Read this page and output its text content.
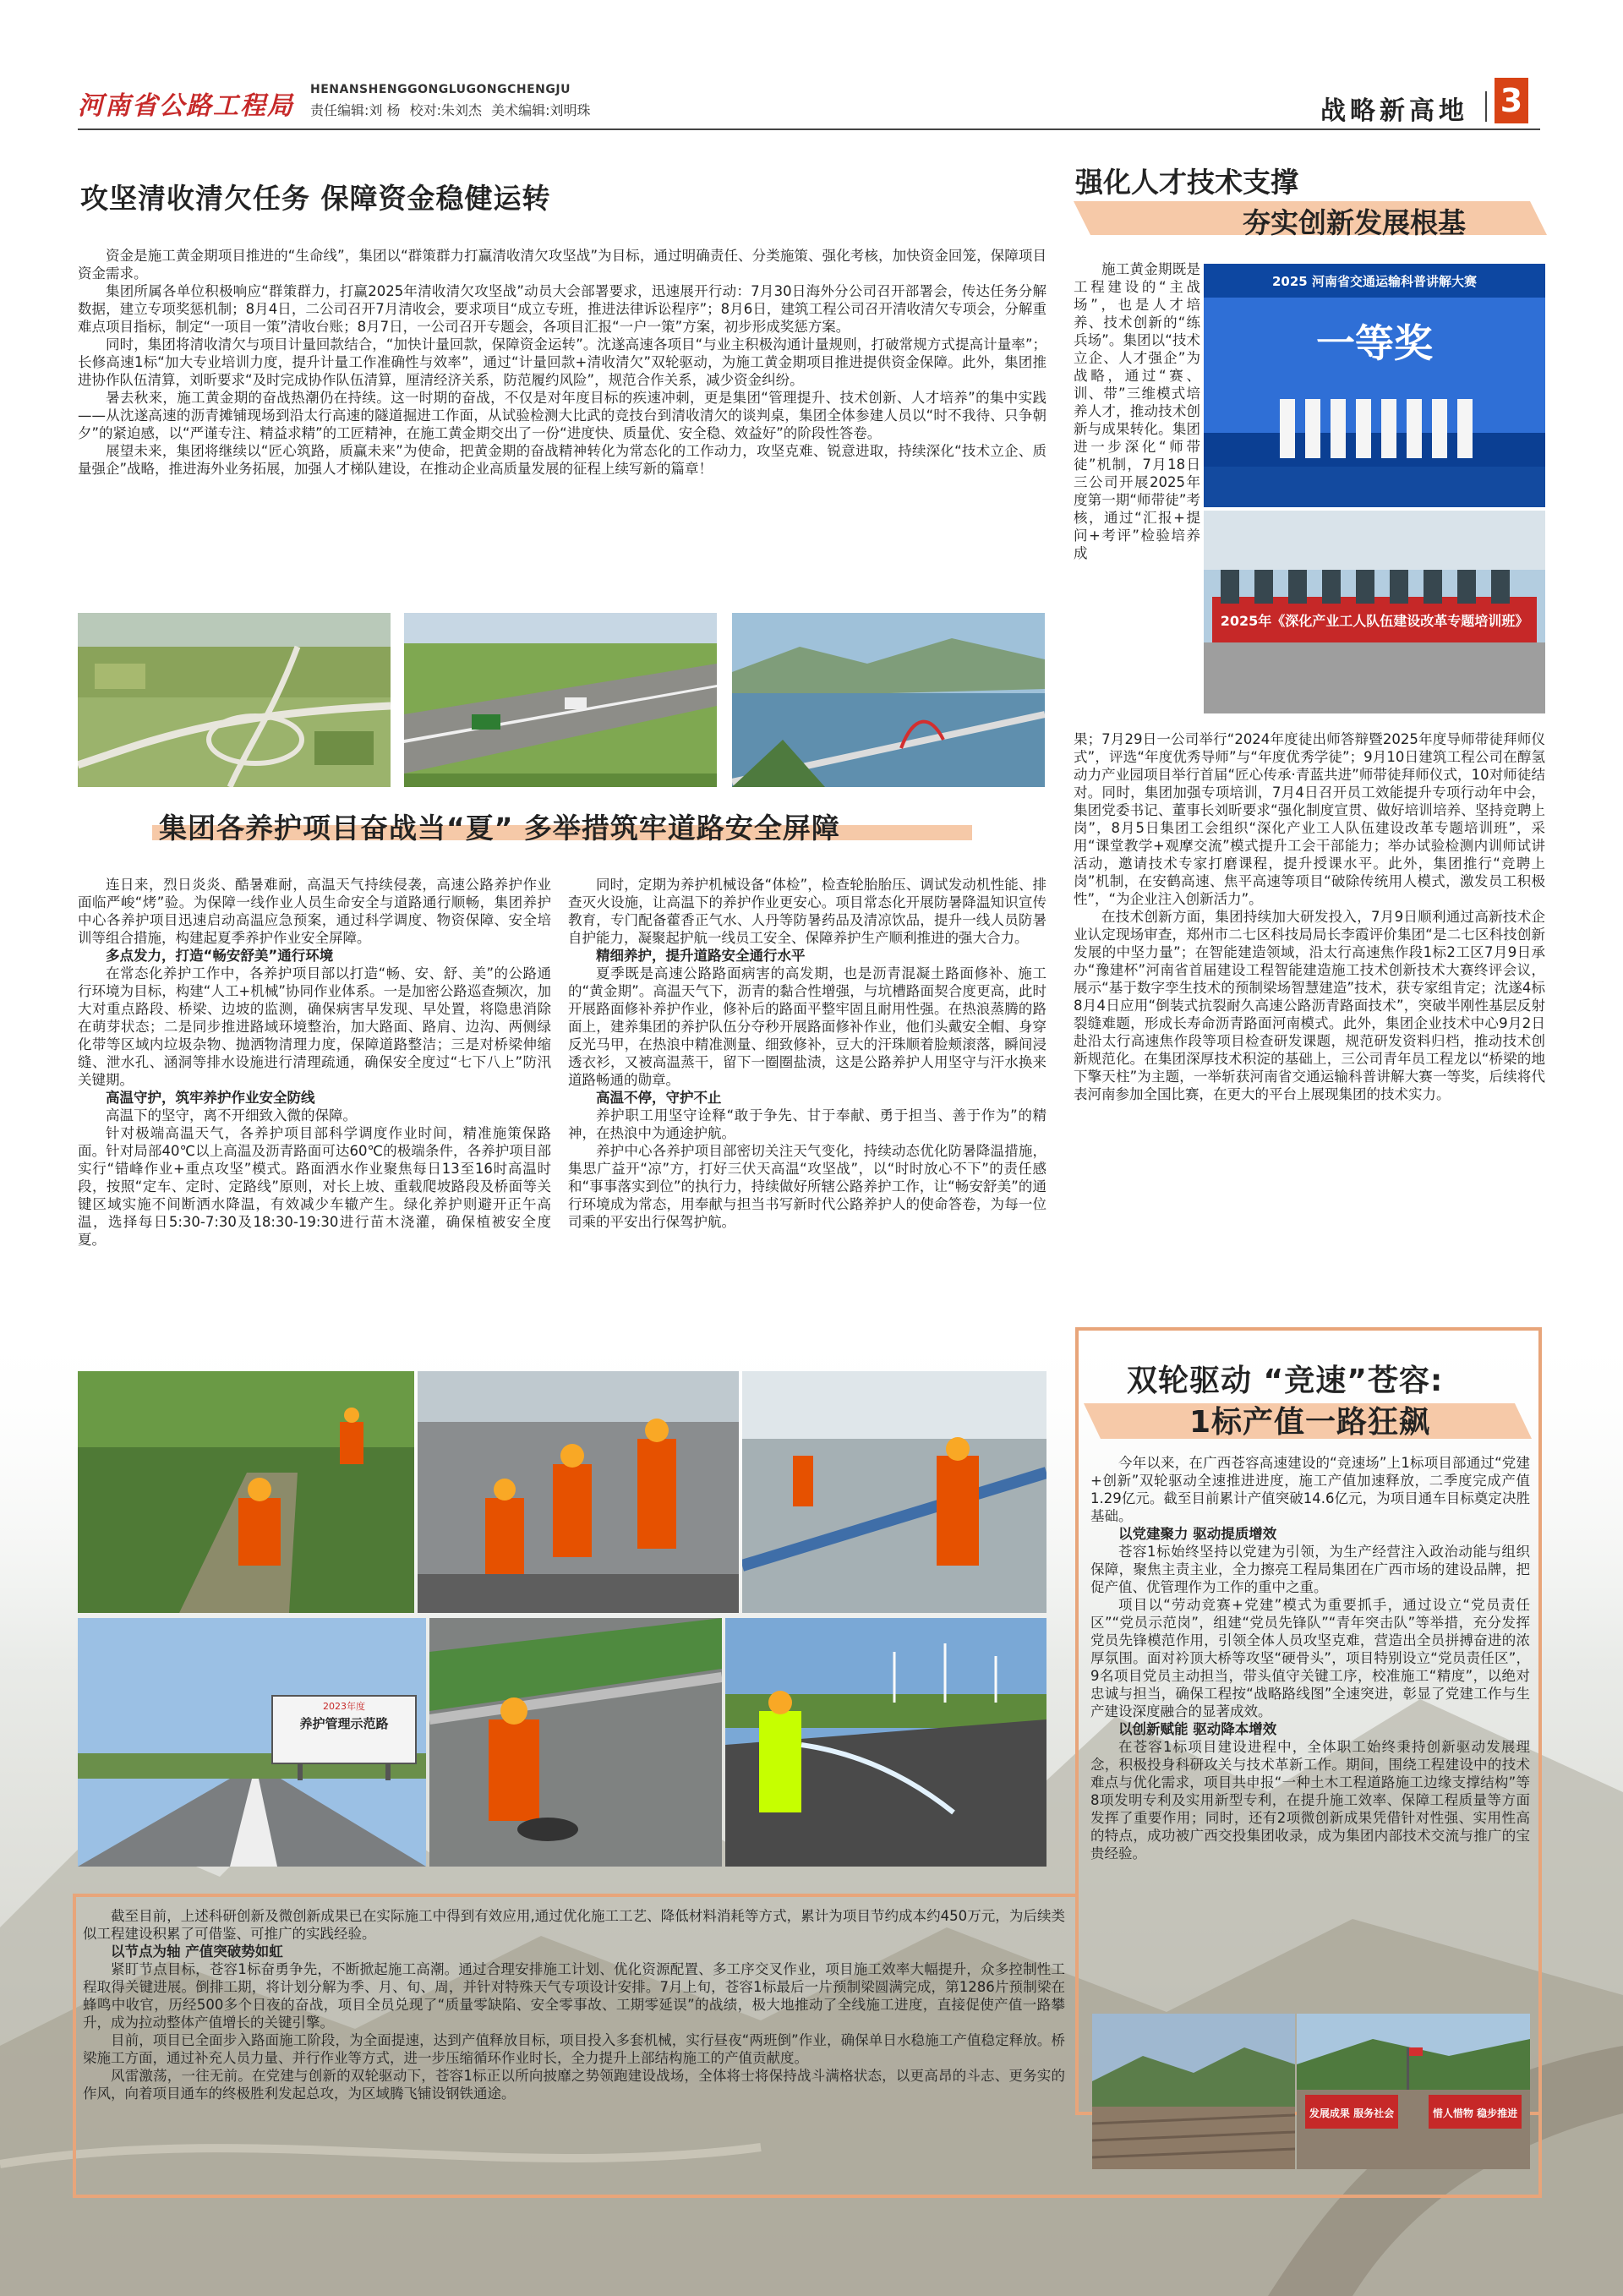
河南省公路工程局
HENANSHENGGONGLUGONGCHENGJU
责任编辑:刘 杨 校对:朱刘杰 美术编辑:刘明珠	战略新高地 3
攻坚清收清欠任务 保障资金稳健运转

资金是施工黄金期项目推进的“生命线”，集团以“群策群力打赢清收清欠攻坚战”为目标，通过明确责任、分类施策、强化考核，加快资金回笼，保障项目资金需求。

集团所属各单位积极响应“群策群力，打赢2025年清收清欠攻坚战”动员大会部署要求，迅速展开行动：7月30日海外分公司召开部署会，传达任务分解数据，建立专项奖惩机制；8月4日，二公司召开7月清收会，要求项目“成立专班，推进法律诉讼程序”；8月6日，建筑工程公司召开清收清欠专项会，分解重难点项目指标，制定“一项目一策”清收台账；8月7日，一公司召开专题会，各项目汇报“一户一策”方案，初步形成奖惩方案。

同时，集团将清收清欠与项目计量回款结合，“加快计量回款，保障资金运转”。沈遂高速各项目“与业主积极沟通计量规则，打破常规方式提高计量率”；长修高速1标“加大专业培训力度，提升计量工作准确性与效率”，通过“计量回款+清收清欠”双轮驱动，为施工黄金期项目推进提供资金保障。此外，集团推进协作队伍清算，刘昕要求“及时完成协作队伍清算，厘清经济关系，防范履约风险”，规范合作关系，减少资金纠纷。

暑去秋来，施工黄金期的奋战热潮仍在持续。这一时期的奋战，不仅是对年度目标的疾速冲刺，更是集团“管理提升、技术创新、人才培养”的集中实践——从沈遂高速的沥青摊铺现场到沿太行高速的隧道掘进工作面，从试验检测大比武的竞技台到清收清欠的谈判桌，集团全体参建人员以“时不我待、只争朝夕”的紧迫感，以“严谨专注、精益求精”的工匠精神，在施工黄金期交出了一份“进度快、质量优、安全稳、效益好”的阶段性答卷。

展望未来，集团将继续以“匠心筑路，质赢未来”为使命，把黄金期的奋战精神转化为常态化的工作动力，攻坚克难、锐意进取，持续深化“技术立企、质量强企”战略，推进海外业务拓展，加强人才梯队建设，在推动企业高质量发展的征程上续写新的篇章！

集团各养护项目奋战当“夏” 多举措筑牢道路安全屏障

连日来，烈日炎炎、酷暑难耐，高温天气持续侵袭，高速公路养护作业面临严峻“烤”验。为保障一线作业人员生命安全与道路通行顺畅，集团养护中心各养护项目迅速启动高温应急预案，通过科学调度、物资保障、安全培训等组合措施，构建起夏季养护作业安全屏障。

多点发力，打造“畅安舒美”通行环境

在常态化养护工作中，各养护项目部以打造“畅、安、舒、美”的公路通行环境为目标，构建“人工+机械”协同作业体系。一是加密公路巡查频次，加大对重点路段、桥梁、边坡的监测，确保病害早发现、早处置，将隐患消除在萌芽状态；二是同步推进路域环境整治，加大路面、路肩、边沟、两侧绿化带等区域内垃圾杂物、抛洒物清理力度，保障道路整洁；三是对桥梁伸缩缝、泄水孔、涵洞等排水设施进行清理疏通，确保安全度过“七下八上”防汛关键期。

高温守护，筑牢养护作业安全防线

高温下的坚守，离不开细致入微的保障。

针对极端高温天气，各养护项目部科学调度作业时间，精准施策保路面。针对局部40℃以上高温及沥青路面可达60℃的极端条件，各养护项目部实行“错峰作业+重点攻坚”模式。路面洒水作业聚焦每日13至16时高温时段，按照“定车、定时、定路线”原则，对长上坡、重载爬坡路段及桥面等关键区域实施不间断洒水降温，有效减少车辙产生。绿化养护则避开正午高温，选择每日5:30-7:30及18:30-19:30进行苗木浇灌，确保植被安全度夏。

同时，定期为养护机械设备“体检”，检查轮胎胎压、调试发动机性能、排查灭火设施，让高温下的养护作业更安心。项目常态化开展防暑降温知识宣传教育，专门配备藿香正气水、人丹等防暑药品及清凉饮品，提升一线人员防暑自护能力，凝聚起护航一线员工安全、保障养护生产顺利推进的强大合力。

精细养护，提升道路安全通行水平

夏季既是高速公路路面病害的高发期，也是沥青混凝土路面修补、施工的“黄金期”。高温天气下，沥青的黏合性增强，与坑槽路面契合度更高，此时开展路面修补养护作业，修补后的路面平整牢固且耐用性强。在热浪蒸腾的路面上，建养集团的养护队伍分夺秒开展路面修补作业，他们头戴安全帽、身穿反光马甲，在热浪中精准测量、细致修补，豆大的汗珠顺着脸颊滚落，瞬间浸透衣衫，又被高温蒸干，留下一圈圈盐渍，这是公路养护人用坚守与汗水换来道路畅通的勋章。

高温不停，守护不止

养护职工用坚守诠释“敢于争先、甘于奉献、勇于担当、善于作为”的精神，在热浪中为通途护航。

养护中心各养护项目部密切关注天气变化，持续动态优化防暑降温措施，集思广益开“凉”方，打好三伏天高温“攻坚战”，以“时时放心不下”的责任感和“事事落实到位”的执行力，持续做好所辖公路养护工作，让“畅安舒美”的通行环境成为常态，用奉献与担当书写新时代公路养护人的使命答卷，为每一位司乘的平安出行保驾护航。

2023年度
养护管理示范路
强化人才技术支撑
夯实创新发展根基

施工黄金期既是工程建设的“主战场”，也是人才培养、技术创新的“练兵场”。集团以“技术立企、人才强企”为战略，通过“赛、训、带”三维模式培养人才，推动技术创新与成果转化。集团进一步深化“师带徒”机制，7月18日三公司开展2025年度第一期“师带徒”考核，通过“汇报+提问+考评”检验培养成

2025 河南省交通运输科普讲解大赛
一等奖
2025年《深化产业工人队伍建设改革专题培训班》

果；7月29日一公司举行“2024年度徒出师答辩暨2025年度导师带徒拜师仪式”，评选“年度优秀导师”与“年度优秀学徒”；9月10日建筑工程公司在醇氢动力产业园项目举行首届“匠心传承·青蓝共进”师带徒拜师仪式，10对师徒结对。同时，集团加强专项培训，7月4日召开员工效能提升专项行动年中会，集团党委书记、董事长刘昕要求“强化制度宣贯、做好培训培养、坚持竞聘上岗”，8月5日集团工会组织“深化产业工人队伍建设改革专题培训班”，采用“课堂教学+观摩交流”模式提升工会干部能力；举办试验检测内训师试讲活动，邀请技术专家打磨课程，提升授课水平。此外，集团推行“竞聘上岗”机制，在安鹤高速、焦平高速等项目“破除传统用人模式，激发员工积极性”，“为企业注入创新活力”。

在技术创新方面，集团持续加大研发投入，7月9日顺利通过高新技术企业认定现场审查，郑州市二七区科技局局长李霞评价集团“是二七区科技创新发展的中坚力量”；在智能建造领域，沿太行高速焦作段1标2工区7月9日承办“豫建杯”河南省首届建设工程智能建造施工技术创新技术大赛终评会议，展示“基于数字孪生技术的预制梁场智慧建造”技术，获专家组肯定；沈遂4标8月4日应用“倒装式抗裂耐久高速公路沥青路面技术”，突破半刚性基层反射裂缝难题，形成长寿命沥青路面河南模式。此外，集团企业技术中心9月2日赴沿太行高速焦作段等项目检查研发课题，规范研发资料归档，推动技术创新规范化。在集团深厚技术积淀的基础上，三公司青年员工程龙以“桥梁的地下擎天柱”为主题，一举斩获河南省交通运输科普讲解大赛一等奖，后续将代表河南参加全国比赛，在更大的平台上展现集团的技术实力。

双轮驱动 “竞速”苍容:
1标产值一路狂飙

今年以来，在广西苍容高速建设的“竞速场”上1标项目部通过“党建+创新”双轮驱动全速推进进度，施工产值加速释放，二季度完成产值1.29亿元。截至目前累计产值突破14.6亿元，为项目通车目标奠定决胜基础。

以党建聚力 驱动提质增效

苍容1标始终坚持以党建为引领，为生产经营注入政治动能与组织保障，聚焦主责主业，全力擦亮工程局集团在广西市场的建设品牌，把促产值、优管理作为工作的重中之重。

项目以“劳动竞赛+党建”模式为重要抓手，通过设立“党员责任区”“党员示范岗”，组建“党员先锋队”“青年突击队”等举措，充分发挥党员先锋模范作用，引领全体人员攻坚克难，营造出全员拼搏奋进的浓厚氛围。面对衿顶大桥等攻坚“硬骨头”，项目特别设立“党员责任区”，9名项目党员主动担当，带头值守关键工序，校准施工“精度”，以绝对忠诚与担当，确保工程按“战略路线图”全速突进，彰显了党建工作与生产建设深度融合的显著成效。

以创新赋能 驱动降本增效

在苍容1标项目建设进程中，全体职工始终秉持创新驱动发展理念，积极投身科研攻关与技术革新工作。期间，围绕工程建设中的技术难点与优化需求，项目共申报“一种土木工程道路施工边缘支撑结构”等8项发明专利及实用新型专利，在提升施工效率、保障工程质量等方面发挥了重要作用；同时，还有2项微创新成果凭借针对性强、实用性高的特点，成功被广西交投集团收录，成为集团内部技术交流与推广的宝贵经验。

截至目前，上述科研创新及微创新成果已在实际施工中得到有效应用,通过优化施工工艺、降低材料消耗等方式，累计为项目节约成本约450万元，为后续类似工程建设积累了可借鉴、可推广的实践经验。

以节点为轴 产值突破势如虹

紧盯节点目标，苍容1标奋勇争先，不断掀起施工高潮。通过合理安排施工计划、优化资源配置、多工序交叉作业，项目施工效率大幅提升，众多控制性工程取得关键进展。倒排工期，将计划分解为季、月、旬、周，并针对特殊天气专项设计安排。7月上旬，苍容1标最后一片预制梁圆满完成，第1286片预制梁在蜂鸣中收官，历经500多个日夜的奋战，项目全员兑现了“质量零缺陷、安全零事故、工期零延误”的战绩，极大地推动了全线施工进度，直接促使产值一路攀升，成为拉动整体产值增长的关键引擎。

目前，项目已全面步入路面施工阶段，为全面提速，达到产值释放目标，项目投入多套机械，实行昼夜“两班倒”作业，确保单日水稳施工产值稳定释放。桥梁施工方面，通过补充人员力量、并行作业等方式，进一步压缩循环作业时长，全力提升上部结构施工的产值贡献度。

风雷激荡，一往无前。在党建与创新的双轮驱动下，苍容1标正以所向披靡之势领跑建设战场，全体将士将保持战斗满格状态，以更高昂的斗志、更务实的作风，向着项目通车的终极胜利发起总攻，为区域腾飞铺设钢铁通途。

发展成果 服务社会	惜人惜物 稳步推进
